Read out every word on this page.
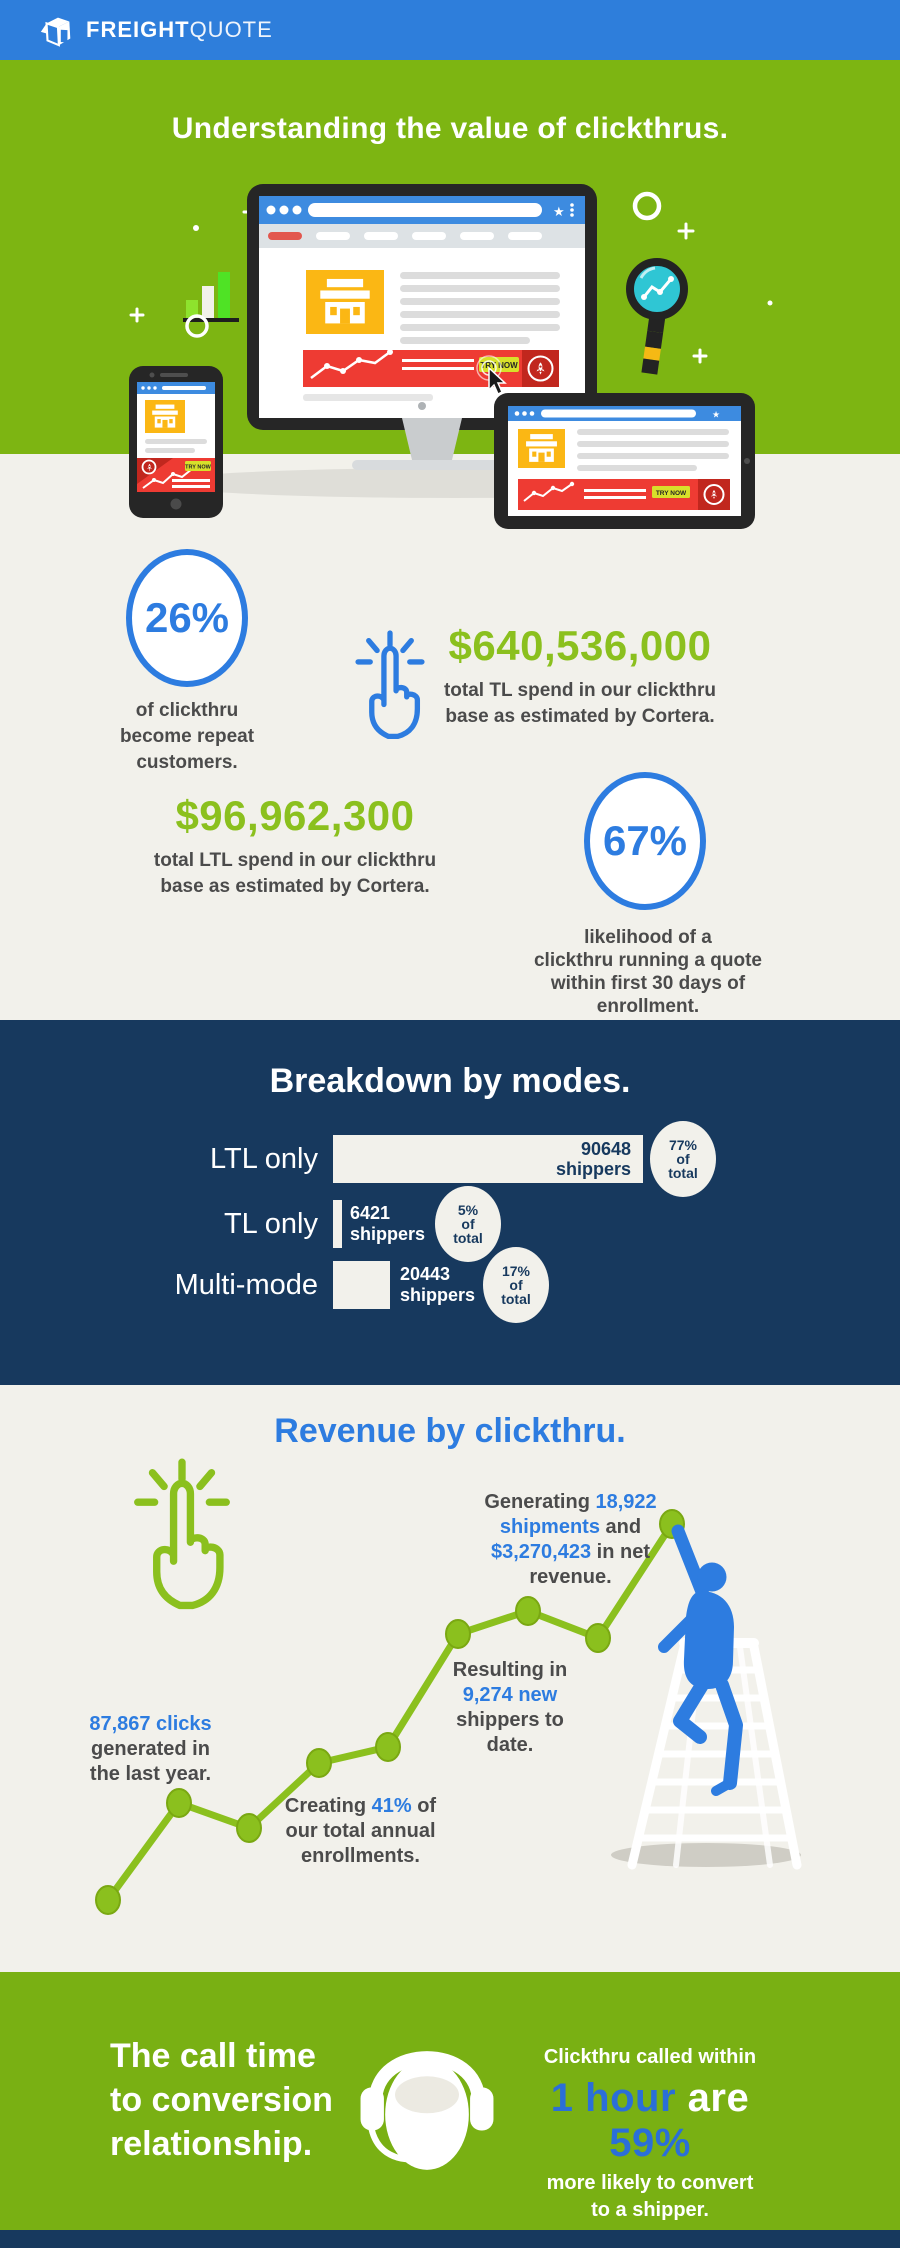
FREIGHTQUOTE
Understanding the value of clickthrus.
★
TRY NOW
TRY NOW
★
TRY NOW
26%
of clickthru
become repeat
customers.
$640,536,000
total TL spend in our clickthru
base as estimated by Cortera.
$96,962,300
total LTL spend in our clickthru
base as estimated by Cortera.
67%
likelihood of a
clickthru running a quote
within first 30 days of
enrollment.
Breakdown by modes.
LTL only	90648
shippers
77%
of
total
TL only 6421
shippers
5%
of
total
Multi-mode	20443
shippers
17%
of
total
Revenue by clickthru.
Generating 18,922
shipments and
$3,270,423 in net
revenue.
Resulting in
9,274 new
shippers to
date.
87,867 clicks
generated in
the last year.
Creating 41% of
our total annual
enrollments.
The call time
to conversion
relationship.
Clickthru called within
1 hour are 59%
more likely to convert
to a shipper.
